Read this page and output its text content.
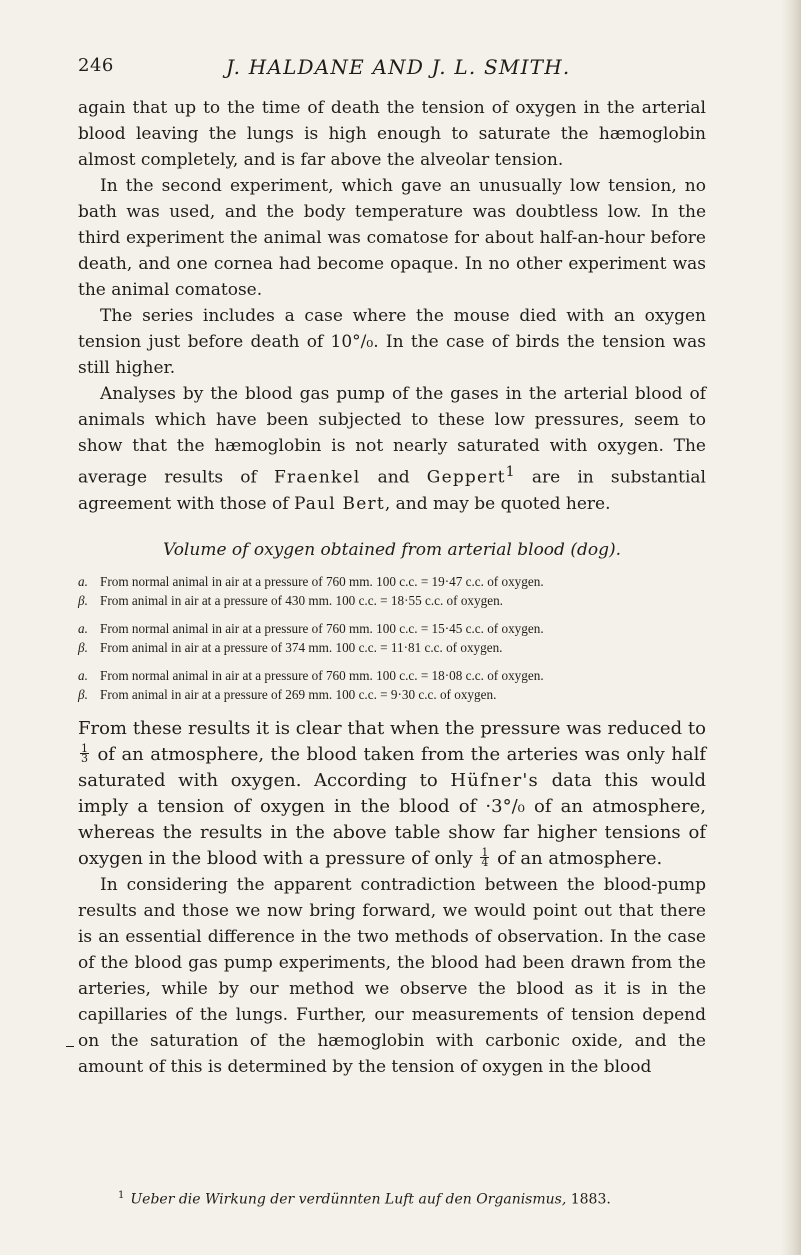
246	J. HALDANE AND J. L. SMITH.

again that up to the time of death the tension of oxygen in the arterial blood leaving the lungs is high enough to saturate the hæmoglobin almost completely, and is far above the alveolar tension.

In the second experiment, which gave an unusually low tension, no bath was used, and the body temperature was doubtless low. In the third experiment the animal was comatose for about half-an-hour before death, and one cornea had become opaque. In no other experiment was the animal comatose.

The series includes a case where the mouse died with an oxygen tension just before death of 10°/₀. In the case of birds the tension was still higher.

Analyses by the blood gas pump of the gases in the arterial blood of animals which have been subjected to these low pressures, seem to show that the hæmoglobin is not nearly saturated with oxygen. The average results of Fraenkel and Geppert$^1$ are in substantial agreement with those of Paul Bert, and may be quoted here.

Volume of oxygen obtained from arterial blood (dog).
a. From normal animal in air at a pressure of 760 mm. 100 c.c. = 19·47 c.c. of oxygen.
β. From animal in air at a pressure of 430 mm. 100 c.c. = 18·55 c.c. of oxygen.
a. From normal animal in air at a pressure of 760 mm. 100 c.c. = 15·45 c.c. of oxygen.
β. From animal in air at a pressure of 374 mm. 100 c.c. = 11·81 c.c. of oxygen.
a. From normal animal in air at a pressure of 760 mm. 100 c.c. = 18·08 c.c. of oxygen.
β. From animal in air at a pressure of 269 mm. 100 c.c. = 9·30 c.c. of oxygen.

From these results it is clear that when the pressure was reduced to
$\frac{1}{3}$ of an atmosphere, the blood taken from the arteries was only half saturated with oxygen. According to Hüfner's data this would imply a tension of oxygen in the blood of ·3°/₀ of an atmosphere, whereas the results in the above table show far higher tensions of oxygen in the blood with a pressure of only $\frac{1}{4}$ of an atmosphere.

In considering the apparent contradiction between the blood-pump results and those we now bring forward, we would point out that there is an essential difference in the two methods of observation. In the case of the blood gas pump experiments, the blood had been drawn from the arteries, while by our method we observe the blood as it is in the capillaries of the lungs. Further, our measurements of tension depend on the saturation of the hæmoglobin with carbonic oxide, and the amount of this is determined by the tension of oxygen in the blood

$^1$ Ueber die Wirkung der verdünnten Luft auf den Organismus, 1883.
